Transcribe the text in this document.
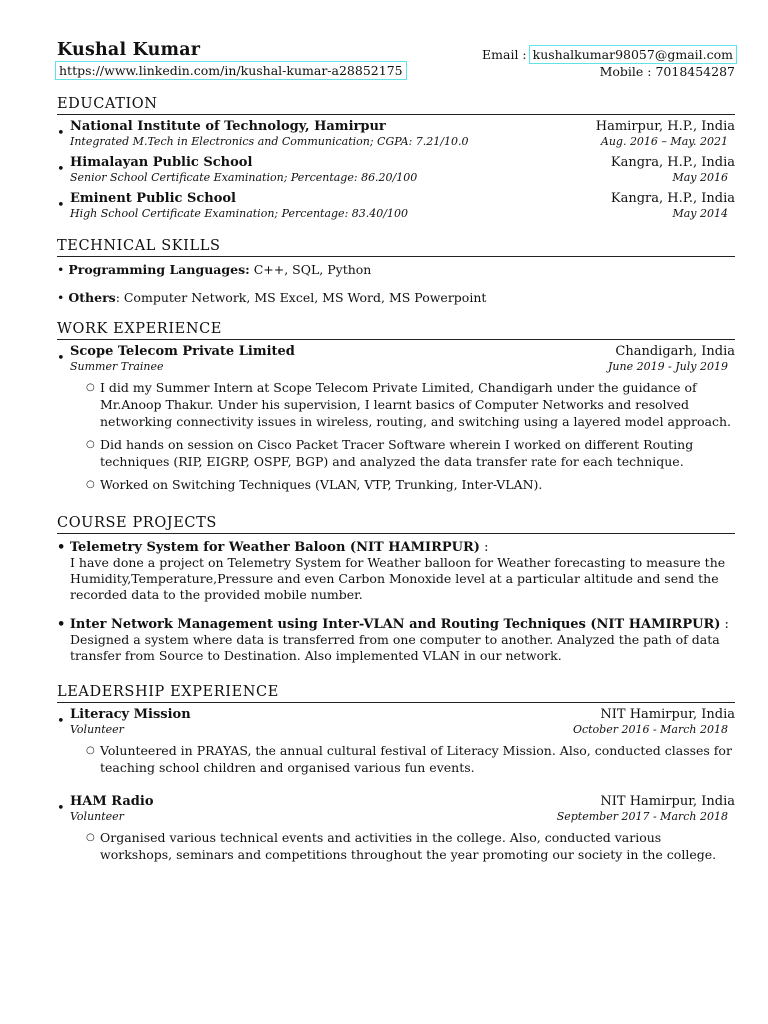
Kushal Kumar
https://www.linkedin.com/in/kushal-kumar-a28852175
Email : kushalkumar98057@gmail.com
Mobile : 7018454287
EDUCATION
• National Institute of Technology, Hamirpur	Hamirpur, H.P., India
Integrated M.Tech in Electronics and Communication; CGPA: 7.21/10.0	Aug. 2016 – May. 2021
• Himalayan Public School	Kangra, H.P., India
Senior School Certificate Examination; Percentage: 86.20/100	May 2016
• Eminent Public School	Kangra, H.P., India
High School Certificate Examination; Percentage: 83.40/100	May 2014
TECHNICAL SKILLS
• Programming Languages: C++, SQL, Python
• Others: Computer Network, MS Excel, MS Word, MS Powerpoint
WORK EXPERIENCE
• Scope Telecom Private Limited	Chandigarh, India
Summer Trainee	June 2019 - July 2019
○ I did my Summer Intern at Scope Telecom Private Limited, Chandigarh under the guidance of Mr.Anoop Thakur. Under his supervision, I learnt basics of Computer Networks and resolved networking connectivity issues in wireless, routing, and switching using a layered model approach.
○ Did hands on session on Cisco Packet Tracer Software wherein I worked on different Routing techniques (RIP, EIGRP, OSPF, BGP) and analyzed the data transfer rate for each technique.
○ Worked on Switching Techniques (VLAN, VTP, Trunking, Inter-VLAN).
COURSE PROJECTS
• Telemetry System for Weather Baloon (NIT HAMIRPUR) :
I have done a project on Telemetry System for Weather balloon for Weather forecasting to measure the Humidity,Temperature,Pressure and even Carbon Monoxide level at a particular altitude and send the recorded data to the provided mobile number.
• Inter Network Management using Inter-VLAN and Routing Techniques (NIT HAMIRPUR) :
Designed a system where data is transferred from one computer to another. Analyzed the path of data transfer from Source to Destination. Also implemented VLAN in our network.
LEADERSHIP EXPERIENCE
• Literacy Mission	NIT Hamirpur, India
Volunteer	October 2016 - March 2018
○ Volunteered in PRAYAS, the annual cultural festival of Literacy Mission. Also, conducted classes for teaching school children and organised various fun events.
• HAM Radio	NIT Hamirpur, India
Volunteer	September 2017 - March 2018
○ Organised various technical events and activities in the college. Also, conducted various workshops, seminars and competitions throughout the year promoting our society in the college.
